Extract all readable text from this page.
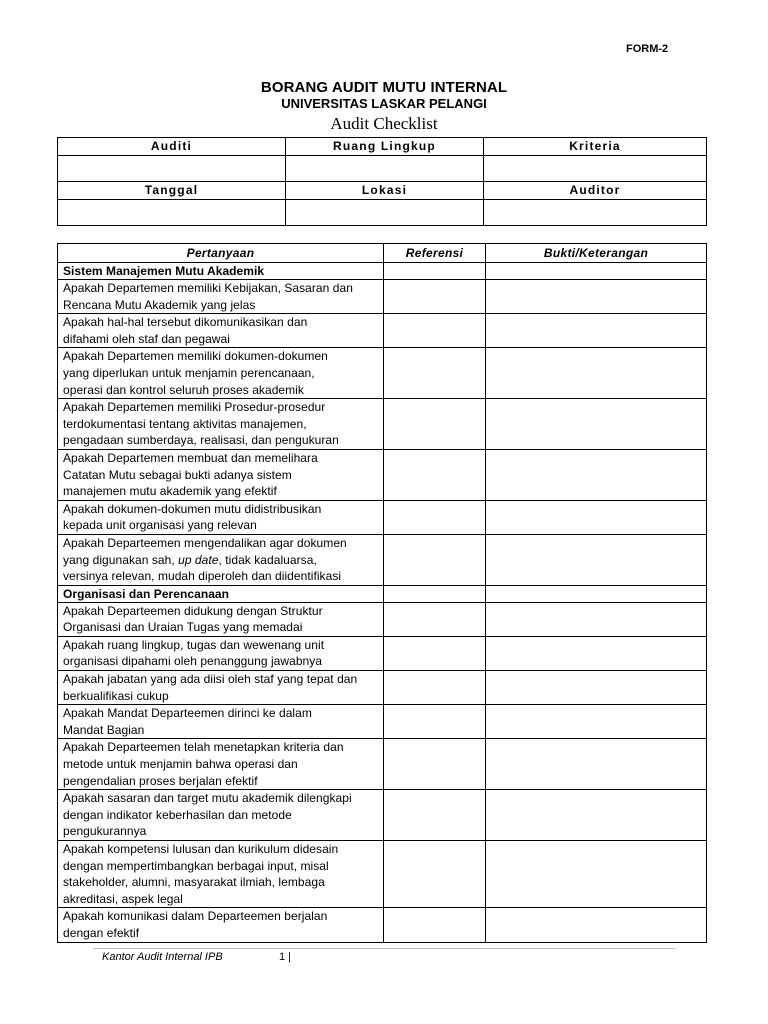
FORM-2
BORANG AUDIT MUTU INTERNAL
UNIVERSITAS LASKAR PELANGI
Audit Checklist
Auditi	Ruang Lingkup	Kriteria

Tanggal	Lokasi	Auditor

Pertanyaan	Referensi	Bukti/Keterangan
Sistem Manajemen Mutu Akademik		

Apakah Departemen memiliki Kebijakan, Sasaran dan
Rencana Mutu Akademik yang jelas		

Apakah hal-hal tersebut dikomunikasikan dan
difahami oleh staf dan pegawai		

Apakah Departemen memiliki dokumen-dokumen
yang diperlukan untuk menjamin perencanaan,
operasi dan kontrol seluruh proses akademik		

Apakah Departemen memiliki Prosedur-prosedur
terdokumentasi tentang aktivitas manajemen,
pengadaan sumberdaya, realisasi, dan pengukuran		

Apakah Departemen membuat dan memelihara
Catatan Mutu sebagai bukti adanya sistem
manajemen mutu akademik yang efektif		

Apakah dokumen-dokumen mutu didistribusikan
kepada unit organisasi yang relevan		

Apakah Departeemen mengendalikan agar dokumen
yang digunakan sah, up date, tidak kadaluarsa,
versinya relevan, mudah diperoleh dan diidentifikasi		

Organisasi dan Perencanaan		

Apakah Departeemen didukung dengan Struktur
Organisasi dan Uraian Tugas yang memadai		

Apakah ruang lingkup, tugas dan wewenang unit
organisasi dipahami oleh penanggung jawabnya		

Apakah jabatan yang ada diisi oleh staf yang tepat dan
berkualifikasi cukup		

Apakah Mandat Departeemen dirinci ke dalam
Mandat Bagian		

Apakah Departeemen telah menetapkan kriteria dan
metode untuk menjamin bahwa operasi dan
pengendalian proses berjalan efektif		

Apakah sasaran dan target mutu akademik dilengkapi
dengan indikator keberhasilan dan metode
pengukurannya		

Apakah kompetensi lulusan dan kurikulum didesain
dengan mempertimbangkan berbagai input, misal
stakeholder, alumni, masyarakat ilmiah, lembaga
akreditasi, aspek legal		

Apakah komunikasi dalam Departeemen berjalan
dengan efektif		

Kantor Audit Internal IPB	1 |
